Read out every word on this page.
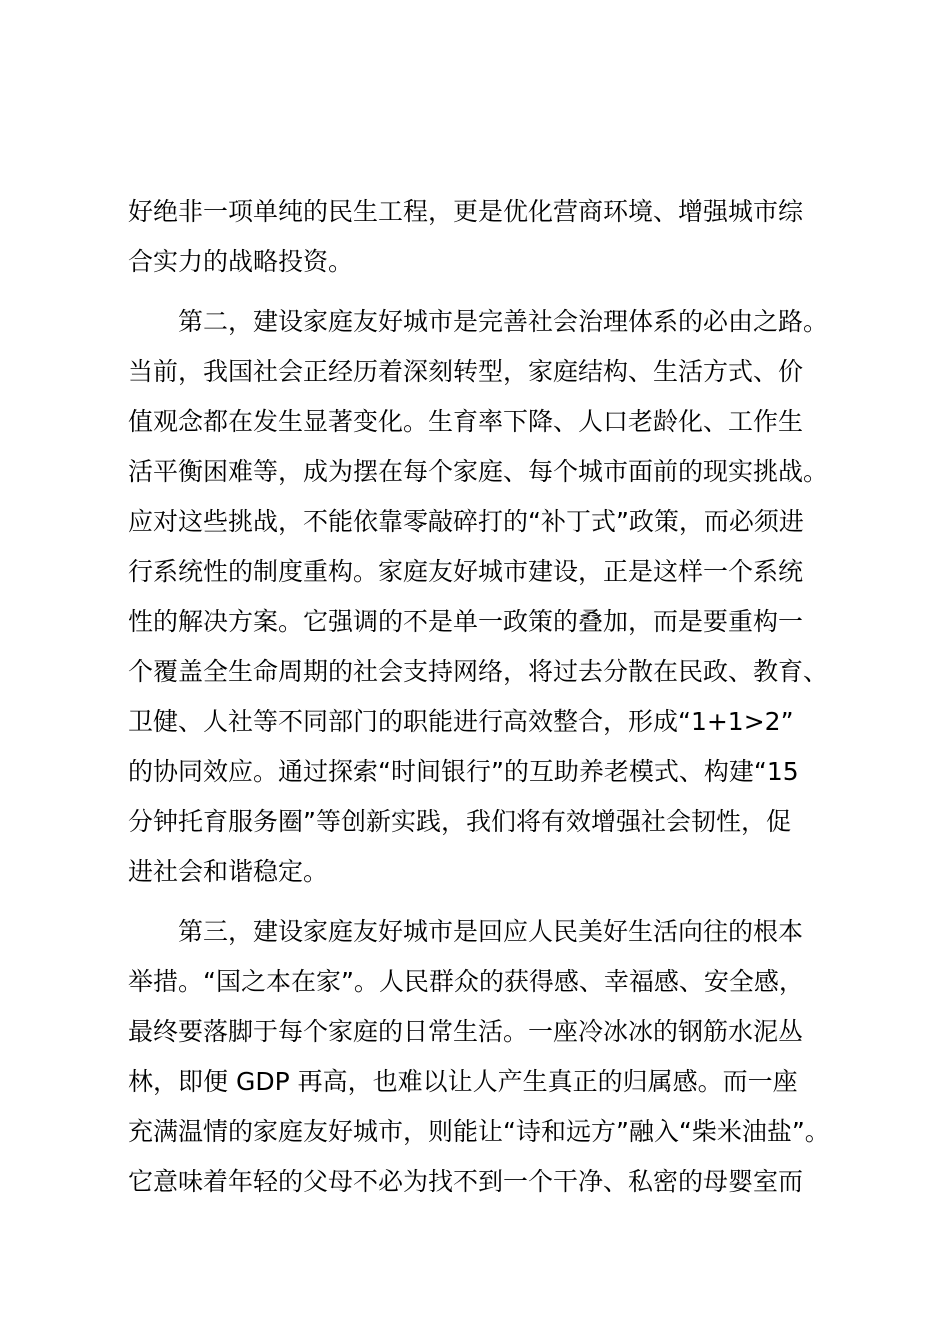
好绝非一项单纯的民生工程，更是优化营商环境、增强城市综
合实力的战略投资。
第二，建设家庭友好城市是完善社会治理体系的必由之路。
当前，我国社会正经历着深刻转型，家庭结构、生活方式、价
值观念都在发生显著变化。生育率下降、人口老龄化、工作生
活平衡困难等，成为摆在每个家庭、每个城市面前的现实挑战。
应对这些挑战，不能依靠零敲碎打的“补丁式”政策，而必须进
行系统性的制度重构。家庭友好城市建设，正是这样一个系统
性的解决方案。它强调的不是单一政策的叠加，而是要重构一
个覆盖全生命周期的社会支持网络，将过去分散在民政、教育、
卫健、人社等不同部门的职能进行高效整合，形成“1+1>2”
的协同效应。通过探索“时间银行”的互助养老模式、构建“15
分钟托育服务圈”等创新实践，我们将有效增强社会韧性，促
进社会和谐稳定。
第三，建设家庭友好城市是回应人民美好生活向往的根本
举措。“国之本在家”。人民群众的获得感、幸福感、安全感，
最终要落脚于每个家庭的日常生活。一座冷冰冰的钢筋水泥丛
林，即便 GDP 再高，也难以让人产生真正的归属感。而一座
充满温情的家庭友好城市，则能让“诗和远方”融入“柴米油盐”。
它意味着年轻的父母不必为找不到一个干净、私密的母婴室而
